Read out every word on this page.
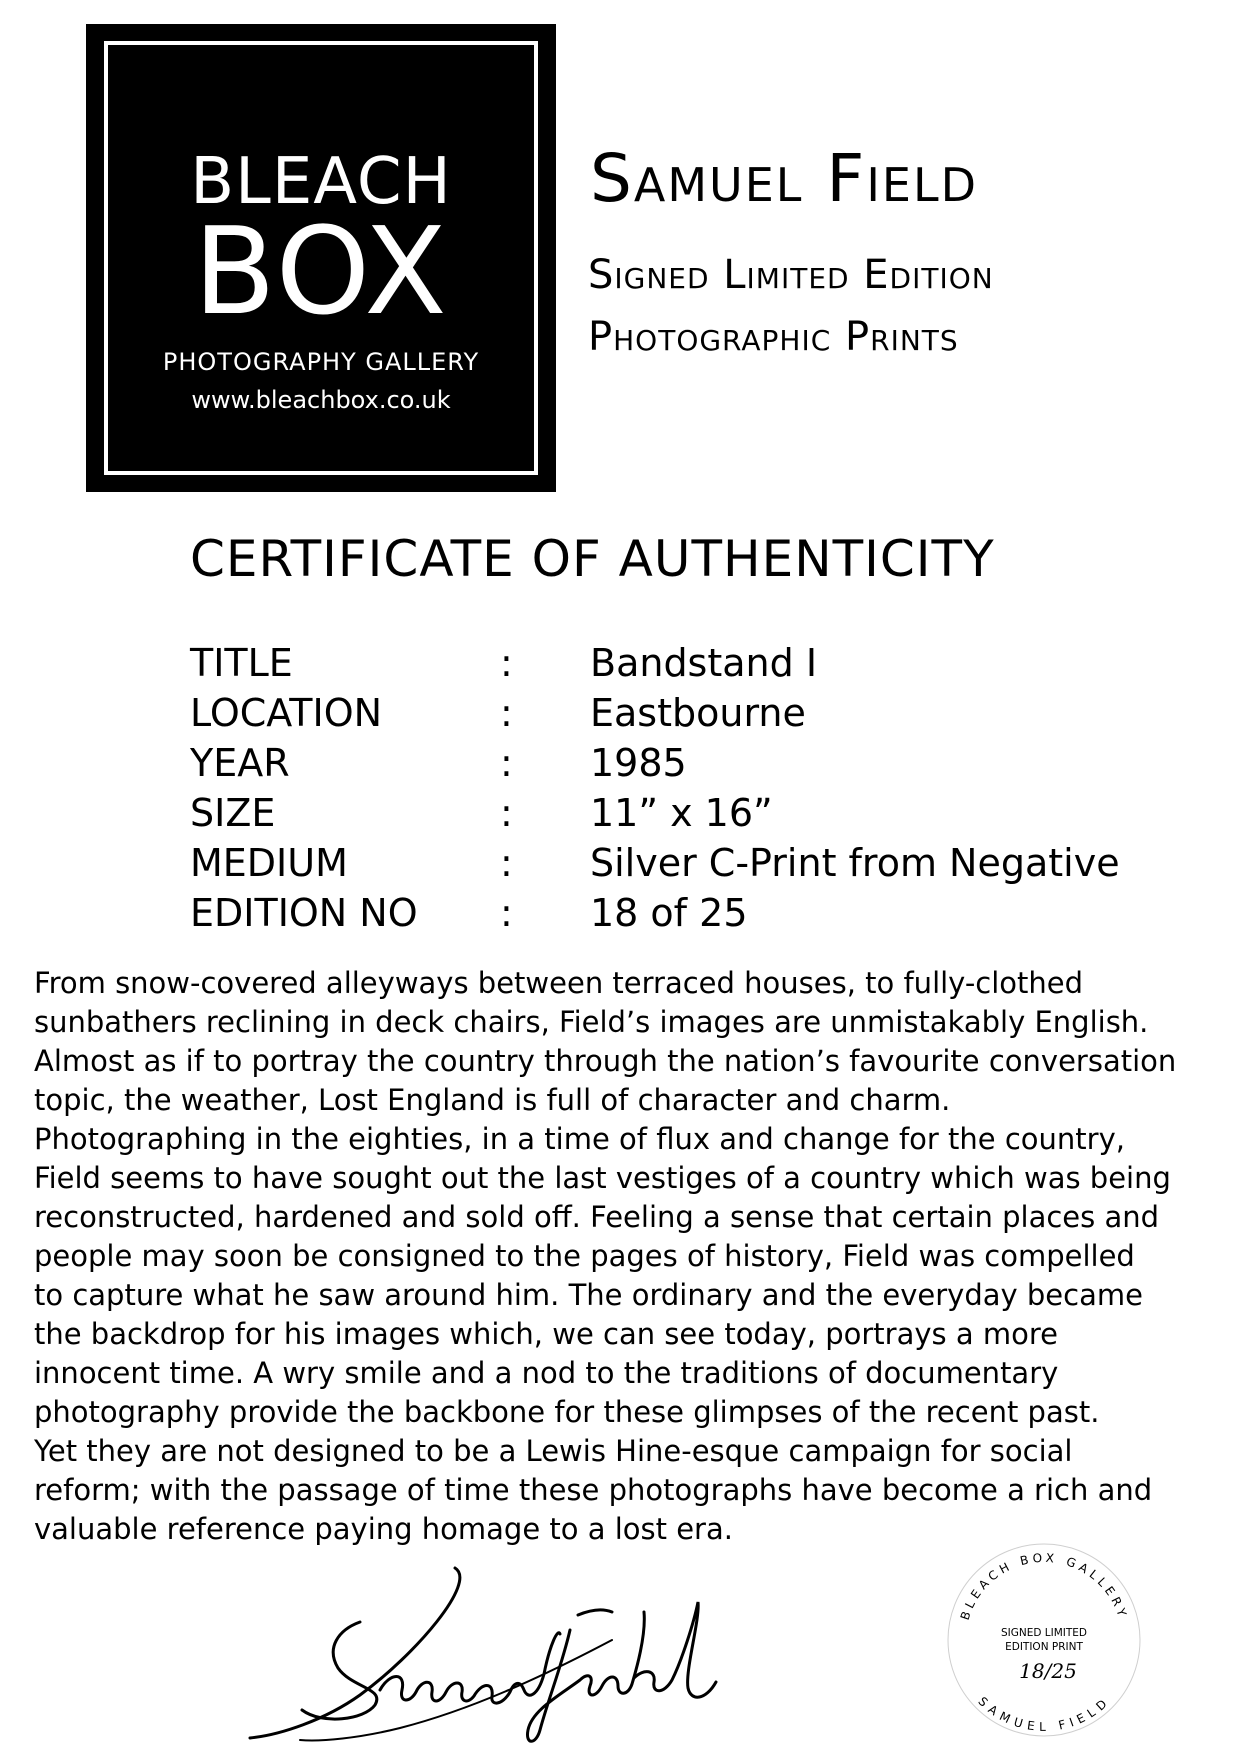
BLEACH
BOX
PHOTOGRAPHY GALLERY
www.bleachbox.co.uk
Samuel Field
Signed Limited Edition
Photographic Prints
CERTIFICATE OF AUTHENTICITY
TITLE	: Bandstand I
LOCATION	: Eastbourne
YEAR	: 1985
SIZE	: 11” x 16”
MEDIUM	: Silver C-Print from Negative
EDITION NO : 18 of 25
From snow-covered alleyways between terraced houses, to fully-clothed
sunbathers reclining in deck chairs, Field’s images are unmistakably English.
Almost as if to portray the country through the nation’s favourite conversation
topic, the weather, Lost England is full of character and charm.
Photographing in the eighties, in a time of flux and change for the country,
Field seems to have sought out the last vestiges of a country which was being
reconstructed, hardened and sold off. Feeling a sense that certain places and
people may soon be consigned to the pages of history, Field was compelled
to capture what he saw around him. The ordinary and the everyday became
the backdrop for his images which, we can see today, portrays a more
innocent time. A wry smile and a nod to the traditions of documentary
photography provide the backbone for these glimpses of the recent past.
Yet they are not designed to be a Lewis Hine-esque campaign for social
reform; with the passage of time these photographs have become a rich and
valuable reference paying homage to a lost era.
BLEACH BOX GALLERY
SAMUEL FIELD
SIGNED LIMITED
EDITION PRINT
18/25
